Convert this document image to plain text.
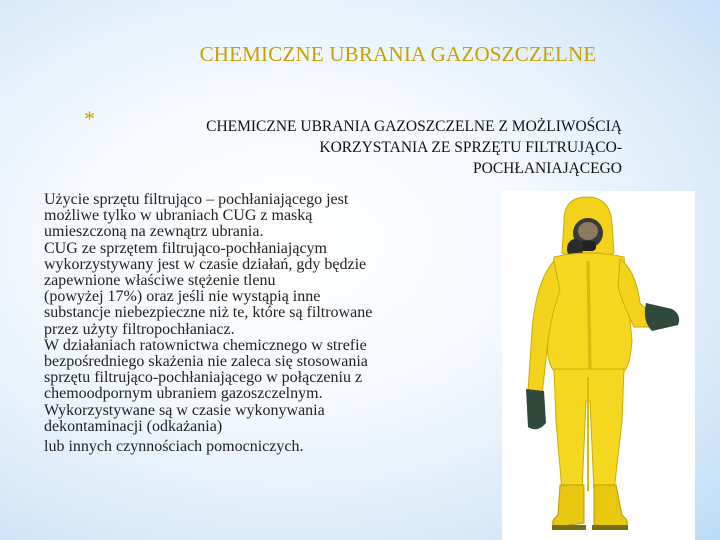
CHEMICZNE UBRANIA GAZOSZCZELNE
*	CHEMICZNE UBRANIA GAZOSZCZELNE Z MOŻLIWOŚCIĄ
KORZYSTANIA ZE SPRZĘTU FILTRUJĄCO-
POCHŁANIAJĄCEGO
Użycie sprzętu filtrująco – pochłaniającego jest
możliwe tylko w ubraniach CUG z maską
umieszczoną na zewnątrz ubrania.
CUG ze sprzętem filtrująco-pochłaniającym
wykorzystywany jest w czasie działań, gdy będzie
zapewnione właściwe stężenie tlenu
(powyżej 17%) oraz jeśli nie wystąpią inne
substancje niebezpieczne niż te, które są filtrowane
przez użyty filtropochłaniacz.
W działaniach ratownictwa chemicznego w strefie
bezpośredniego skażenia nie zaleca się stosowania
sprzętu filtrująco-pochłaniającego w połączeniu z
chemoodpornym ubraniem gazoszczelnym.
Wykorzystywane są w czasie wykonywania
dekontaminacji (odkażania)
lub innych czynnościach pomocniczych.
